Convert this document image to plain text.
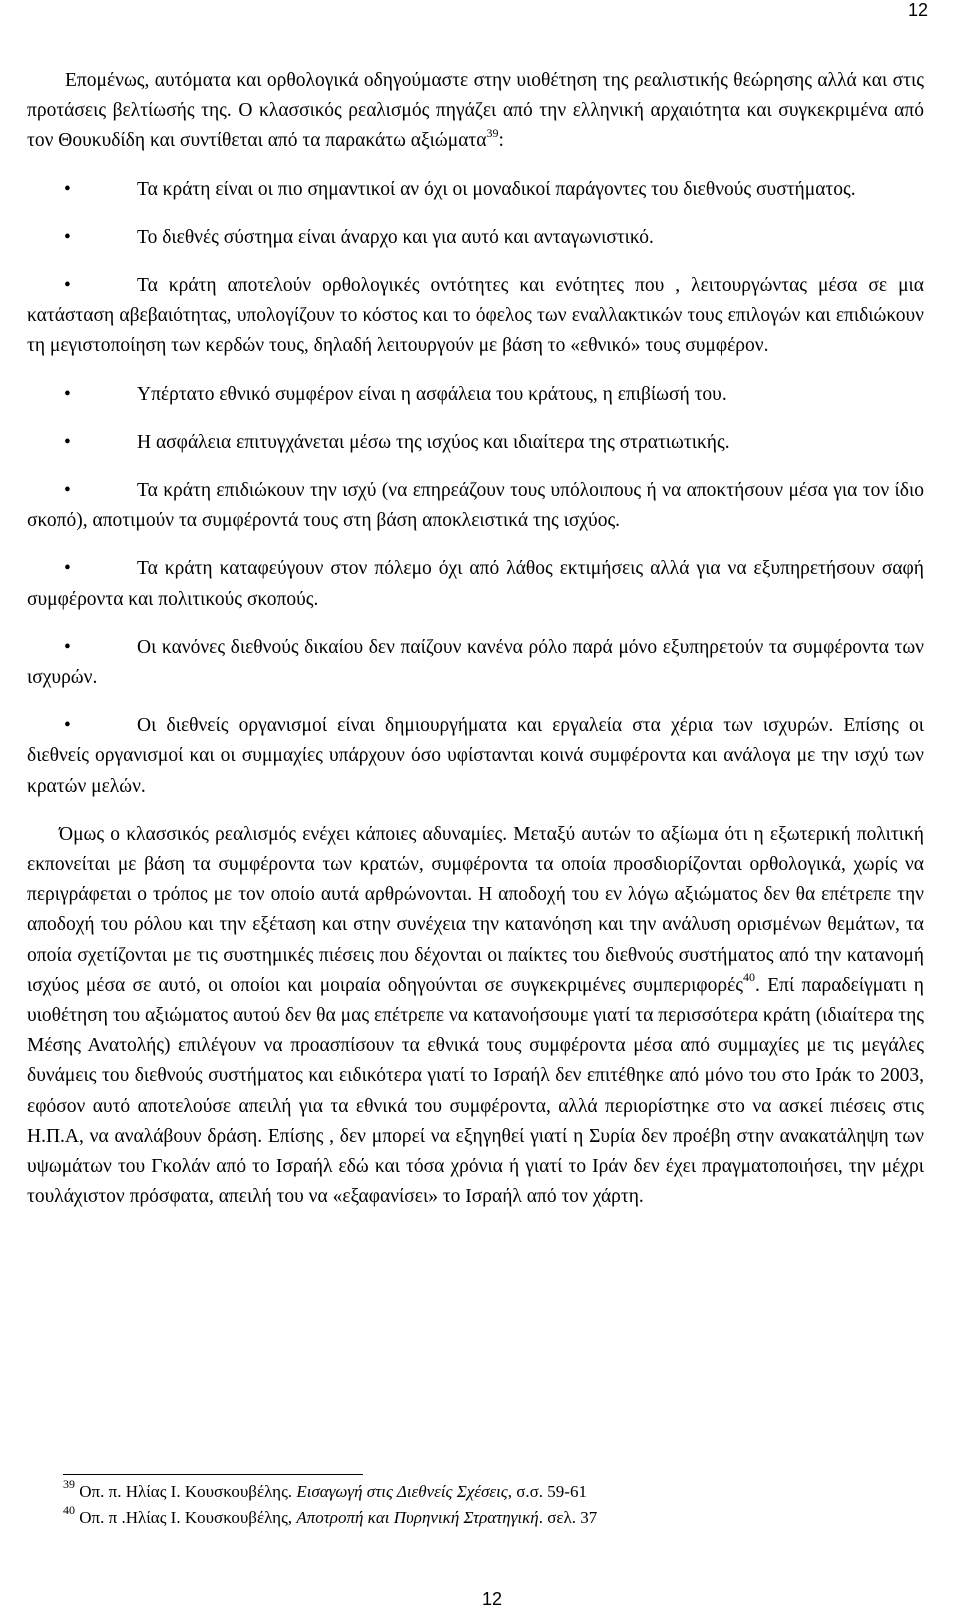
12

Επομένως, αυτόματα και ορθολογικά οδηγούμαστε στην υιοθέτηση της ρεαλιστικής θεώρησης αλλά και στις προτάσεις βελτίωσής της. Ο κλασσικός ρεαλισμός πηγάζει από την ελληνική αρχαιότητα και συγκεκριμένα από τον Θουκυδίδη και συντίθεται από τα παρακάτω αξιώματα$^{39}$:

•	Τα κράτη είναι οι πιο σημαντικοί αν όχι οι μοναδικοί παράγοντες του διεθνούς συστήματος.
•	Το διεθνές σύστημα είναι άναρχο και για αυτό και ανταγωνιστικό.
•	Τα κράτη αποτελούν ορθολογικές οντότητες και ενότητες που , λειτουργώντας μέσα σε μια κατάσταση αβεβαιότητας, υπολογίζουν το κόστος και το όφελος των εναλλακτικών τους επιλογών και επιδιώκουν τη μεγιστοποίηση των κερδών τους, δηλαδή λειτουργούν με βάση το «εθνικό» τους συμφέρον.
•	Υπέρτατο εθνικό συμφέρον είναι η ασφάλεια του κράτους, η επιβίωσή του.
•	Η ασφάλεια επιτυγχάνεται μέσω της ισχύος και ιδιαίτερα της στρατιωτικής.
•	Τα κράτη επιδιώκουν την ισχύ (να επηρεάζουν τους υπόλοιπους ή να αποκτήσουν μέσα για τον ίδιο σκοπό), αποτιμούν τα συμφέροντά τους στη βάση αποκλειστικά της ισχύος.
•	Τα κράτη καταφεύγουν στον πόλεμο όχι από λάθος εκτιμήσεις αλλά για να εξυπηρετήσουν σαφή συμφέροντα και πολιτικούς σκοπούς.
•	Οι κανόνες διεθνούς δικαίου δεν παίζουν κανένα ρόλο παρά μόνο εξυπηρετούν τα συμφέροντα των ισχυρών.
•	Οι διεθνείς οργανισμοί είναι δημιουργήματα και εργαλεία στα χέρια των ισχυρών. Επίσης οι διεθνείς οργανισμοί και οι συμμαχίες υπάρχουν όσο υφίστανται κοινά συμφέροντα και ανάλογα με την ισχύ των κρατών μελών.

Όμως ο κλασσικός ρεαλισμός ενέχει κάποιες αδυναμίες. Μεταξύ αυτών το αξίωμα ότι η εξωτερική πολιτική εκπονείται με βάση τα συμφέροντα των κρατών, συμφέροντα τα οποία προσδιορίζονται ορθολογικά, χωρίς να περιγράφεται ο τρόπος με τον οποίο αυτά αρθρώνονται. Η αποδοχή του εν λόγω αξιώματος δεν θα επέτρεπε την αποδοχή του ρόλου και την εξέταση και στην συνέχεια την κατανόηση και την ανάλυση ορισμένων θεμάτων, τα οποία σχετίζονται με τις συστημικές πιέσεις που δέχονται οι παίκτες του διεθνούς συστήματος από την κατανομή ισχύος μέσα σε αυτό, οι οποίοι και μοιραία οδηγούνται σε συγκεκριμένες συμπεριφορές$^{40}$. Επί παραδείγματι η υιοθέτηση του αξιώματος αυτού δεν θα μας επέτρεπε να κατανοήσουμε γιατί τα περισσότερα κράτη (ιδιαίτερα της Μέσης Ανατολής) επιλέγουν να προασπίσουν τα εθνικά τους συμφέροντα μέσα από συμμαχίες με τις μεγάλες δυνάμεις του διεθνούς συστήματος και ειδικότερα γιατί το Ισραήλ δεν επιτέθηκε από μόνο του στο Ιράκ το 2003, εφόσον αυτό αποτελούσε απειλή για τα εθνικά του συμφέροντα, αλλά περιορίστηκε στο να ασκεί πιέσεις στις Η.Π.Α, να αναλάβουν δράση. Επίσης , δεν μπορεί να εξηγηθεί γιατί η Συρία δεν προέβη στην ανακατάληψη των υψωμάτων του Γκολάν από το Ισραήλ εδώ και τόσα χρόνια ή γιατί το Ιράν δεν έχει πραγματοποιήσει, την μέχρι τουλάχιστον πρόσφατα, απειλή του να «εξαφανίσει» το Ισραήλ από τον χάρτη.

$^{39}$ Οπ. π. Ηλίας Ι. Κουσκουβέλης. Εισαγωγή στις Διεθνείς Σχέσεις, σ.σ. 59-61
$^{40}$ Οπ. π .Ηλίας Ι. Κουσκουβέλης, Αποτροπή και Πυρηνική Στρατηγική. σελ. 37
12
